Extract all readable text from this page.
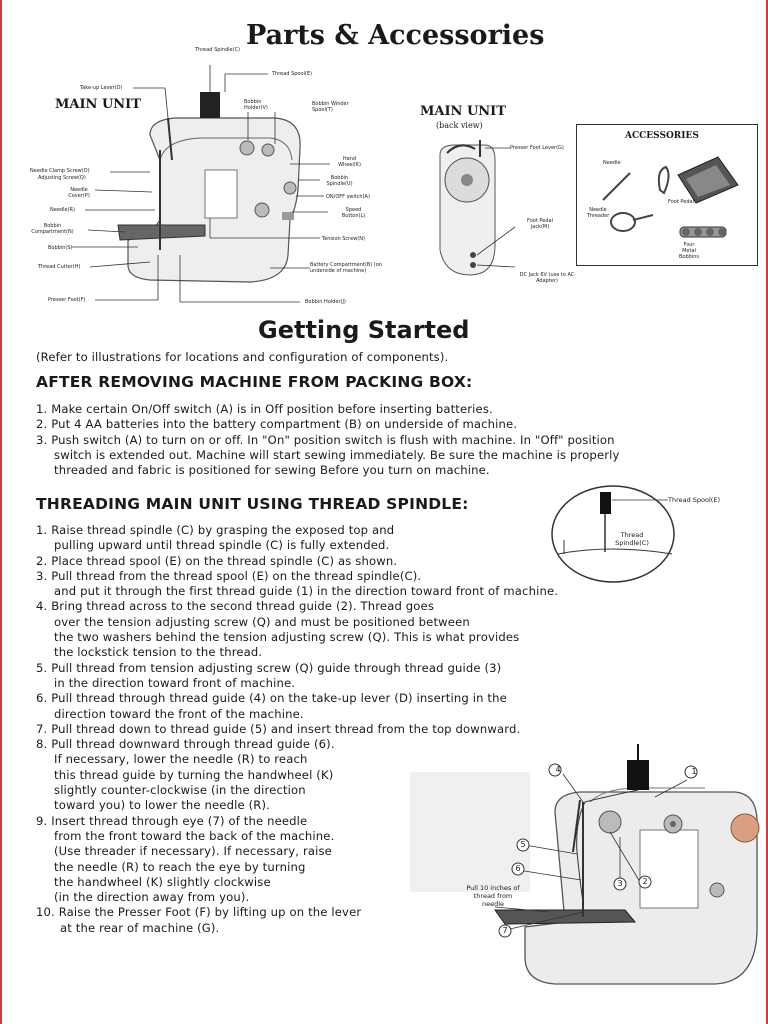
Parts & Accessories
MAIN UNIT
Thread Spindle(C)
Thread Spool(E)
Take-up Lever(D)
Bobbin Holder(V)
Bobbin Winder Spool(T)
Needle Clamp Screw(O)
Adjusting Screw(Q)
Needle Cover(P)
Needle(R)
Bobbin Compartment(N)
Bobbin(S)
Thread Cutter(H)
Presser Foot(F)
Hand Wheel(K)
Bobbin Spindle(U)
ON/OFF switch(A)
Speed Button(L)
Tension Screw(N)
Battery Compartment(B) (on underside of machine)
Bobbin Holder(J)
MAIN UNIT
(back view)
Presser Foot Lever(G)
Foot Pedal Jack(M)
DC Jack 6V (use to AC Adapter)
ACCESSORIES
Needle
Needle Threader
Foot Pedal
Four Metal Bobbins
Getting Started
(Refer to illustrations for locations and configuration of components).
AFTER REMOVING MACHINE FROM PACKING BOX:
1. Make certain On/Off switch (A) is in Off position before inserting batteries.
2. Put 4 AA batteries into the battery compartment (B) on underside of machine.
3. Push switch (A) to turn on or off. In "On" position switch is flush with machine. In "Off" position
switch is extended out. Machine will start sewing immediately. Be sure the machine is properly
threaded and fabric is positioned for sewing Before you turn on machine.
THREADING MAIN UNIT USING THREAD SPINDLE:	Thread Spool(E)
Thread Spindle(C)
1. Raise thread spindle (C) by grasping the exposed top and
pulling upward until thread spindle (C) is fully extended.
2. Place thread spool (E) on the thread spindle (C) as shown.
3. Pull thread from the thread spool (E) on the thread spindle(C).
and put it through the first thread guide (1) in the direction toward front of machine.
4. Bring thread across to the second thread guide (2). Thread goes
over the tension adjusting screw (Q) and must be positioned between
the two washers behind the tension adjusting screw (Q). This is what provides
the lockstick tension to the thread.
5. Pull thread from tension adjusting screw (Q) guide through thread guide (3)
in the direction toward front of machine.
6. Pull thread through thread guide (4) on the take-up lever (D) inserting in the
direction toward the front of the machine.
7. Pull thread down to thread guide (5) and insert thread from the top downward.
8. Pull thread downward through thread guide (6).
If necessary, lower the needle (R) to reach
this thread guide by turning the handwheel (K)
slightly counter-clockwise (in the direction
toward you) to lower the needle (R).
9. Insert thread through eye (7) of the needle
from the front toward the back of the machine.
(Use threader if necessary). If necessary, raise
the needle (R) to reach the eye by turning
the handwheel (K) slightly clockwise
(in the direction away from you).
10. Raise the Presser Foot (F) by lifting up on the lever
at the rear of machine (G).
4	1
2
3
5
6
7
Pull 10 inches of thread from needle
